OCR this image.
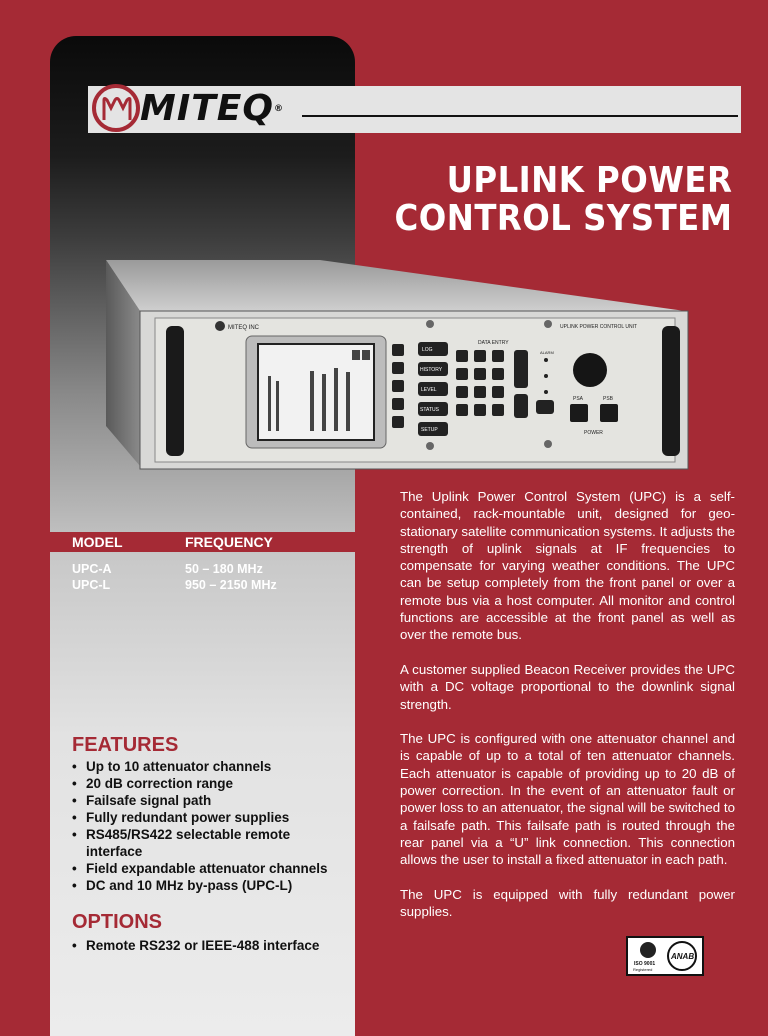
MITEQ®
UPLINK POWER
CONTROL SYSTEM
MITEQ INC
LOG
HISTORY
LEVEL
STATUS
SETUP
DATA ENTRY
UPLINK POWER CONTROL UNIT
ALARM
PSA	PSB
POWER
MODEL	FREQUENCY
UPC-A	50 – 180 MHz
UPC-L	950 – 2150 MHz
FEATURES
• Up to 10 attenuator channels
• 20 dB correction range
• Failsafe signal path
• Fully redundant power supplies
• RS485/RS422 selectable remote interface
• Field expandable attenuator channels
• DC and 10 MHz by-pass (UPC-L)
OPTIONS
• Remote RS232 or IEEE-488 interface

The Uplink Power Control System (UPC) is a self-contained, rack-mountable unit, designed for geo-stationary satellite communication systems. It adjusts the strength of uplink signals at IF frequencies to compensate for varying weather conditions. The UPC can be setup completely from the front panel or over a remote bus via a host computer. All monitor and control functions are accessible at the front panel as well as over the remote bus.

A customer supplied Beacon Receiver provides the UPC with a DC voltage proportional to the downlink signal strength.

The UPC is configured with one attenuator channel and is capable of up to a total of ten attenuator channels. Each attenuator is capable of providing up to 20 dB of power correction. In the event of an attenuator fault or power loss to an attenuator, the signal will be switched to a failsafe path. This failsafe path is routed through the rear panel via a “U” link connection. This connection allows the user to install a fixed attenuator in each path.

The UPC is equipped with fully redundant power supplies.

ISO 9001
Registered
ANAB
